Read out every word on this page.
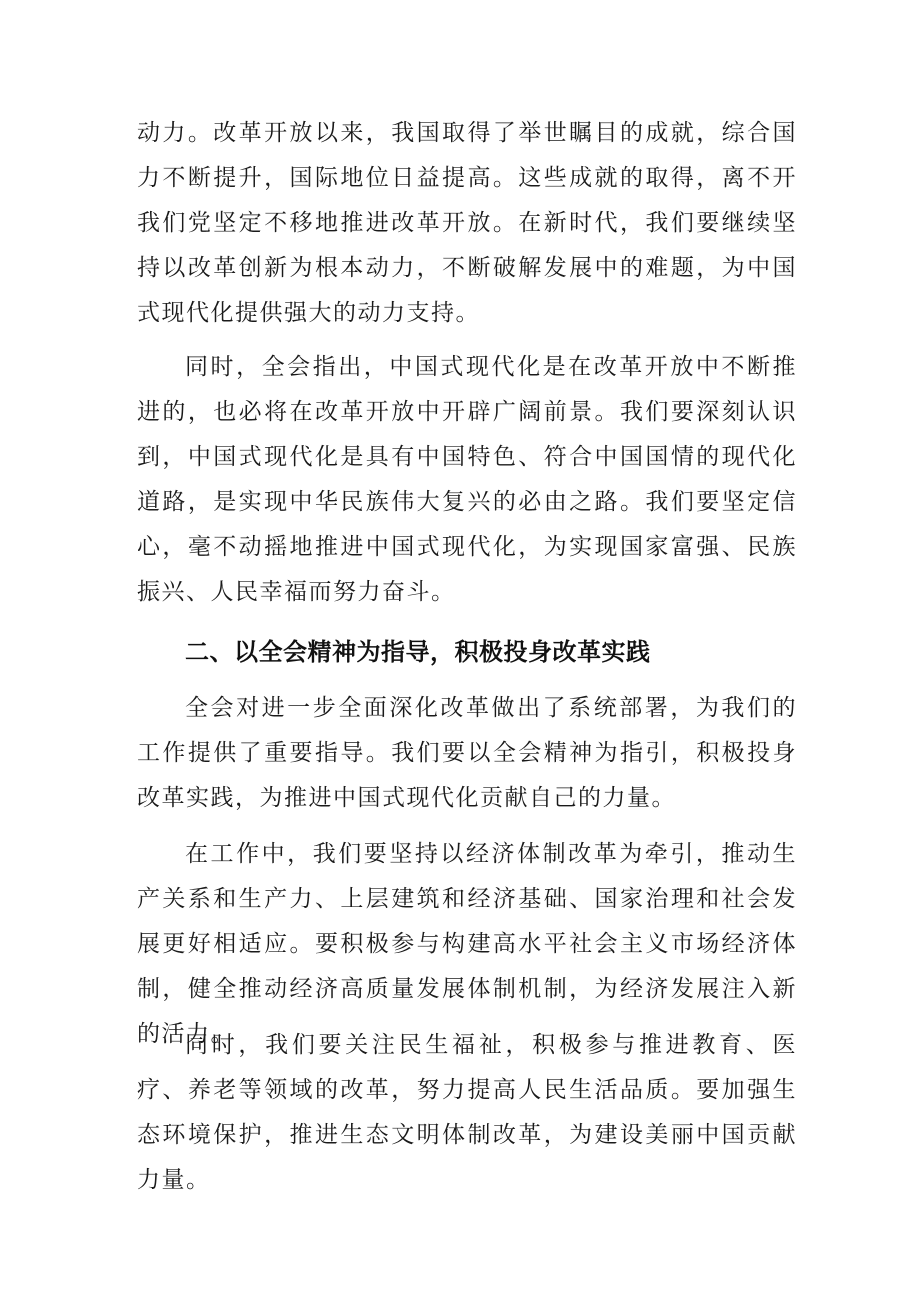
动力。改革开放以来，我国取得了举世瞩目的成就，综合国力不断提升，国际地位日益提高。这些成就的取得，离不开我们党坚定不移地推进改革开放。在新时代，我们要继续坚持以改革创新为根本动力，不断破解发展中的难题，为中国式现代化提供强大的动力支持。

同时，全会指出，中国式现代化是在改革开放中不断推进的，也必将在改革开放中开辟广阔前景。我们要深刻认识到，中国式现代化是具有中国特色、符合中国国情的现代化道路，是实现中华民族伟大复兴的必由之路。我们要坚定信心，毫不动摇地推进中国式现代化，为实现国家富强、民族振兴、人民幸福而努力奋斗。

二、以全会精神为指导，积极投身改革实践

全会对进一步全面深化改革做出了系统部署，为我们的工作提供了重要指导。我们要以全会精神为指引，积极投身改革实践，为推进中国式现代化贡献自己的力量。

在工作中，我们要坚持以经济体制改革为牵引，推动生产关系和生产力、上层建筑和经济基础、国家治理和社会发展更好相适应。要积极参与构建高水平社会主义市场经济体制，健全推动经济高质量发展体制机制，为经济发展注入新的活力。

同时，我们要关注民生福祉，积极参与推进教育、医疗、养老等领域的改革，努力提高人民生活品质。要加强生态环境保护，推进生态文明体制改革，为建设美丽中国贡献力量。
